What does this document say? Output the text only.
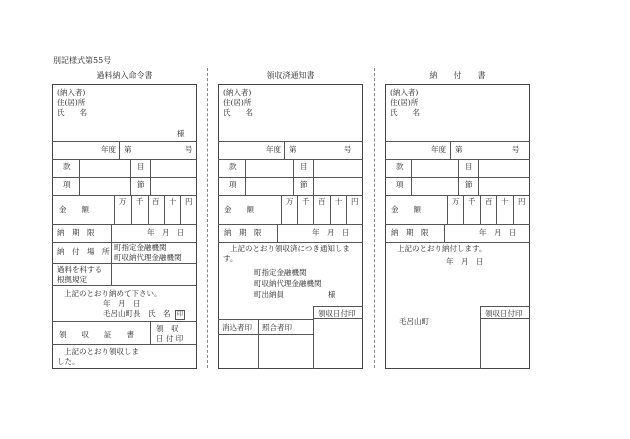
別記様式第55号
過料納入命令書
(納入者)
住(居)所
氏　　名
様
年度 第	号
款	目
項	節
金　　額
万 千 百 十 円
納　期　限	年　月　日
納　付　場　所 町指定金融機関
町収納代理金融機関
過料を科する
根拠規定
上記のとおり納めて下さい。
年　月　日
毛呂山町長　氏　名 印
領　　収　　証　　書
領　収
日 付 印
上記のとおり領収しま
した。
領収済通知書
(納入者)
住(居)所
氏　　名
年度 第	号
款	目
項	節
金　　額
万 千 百 十 円
納　期　限	年　月　日
上記のとおり領収済につき通知しま
す。
町指定金融機関
町収納代理金融機関
町出納員	様
領収日付印
消込者印 照合者印
納　　付　　書
(納入者)
住(居)所
氏　　名
年度 第	号
款	目
項	節
金　　額
万 千 百 十 円
納　期　限	年　月　日
上記のとおり納付します。
年　月　日
領収日付印
毛呂山町
